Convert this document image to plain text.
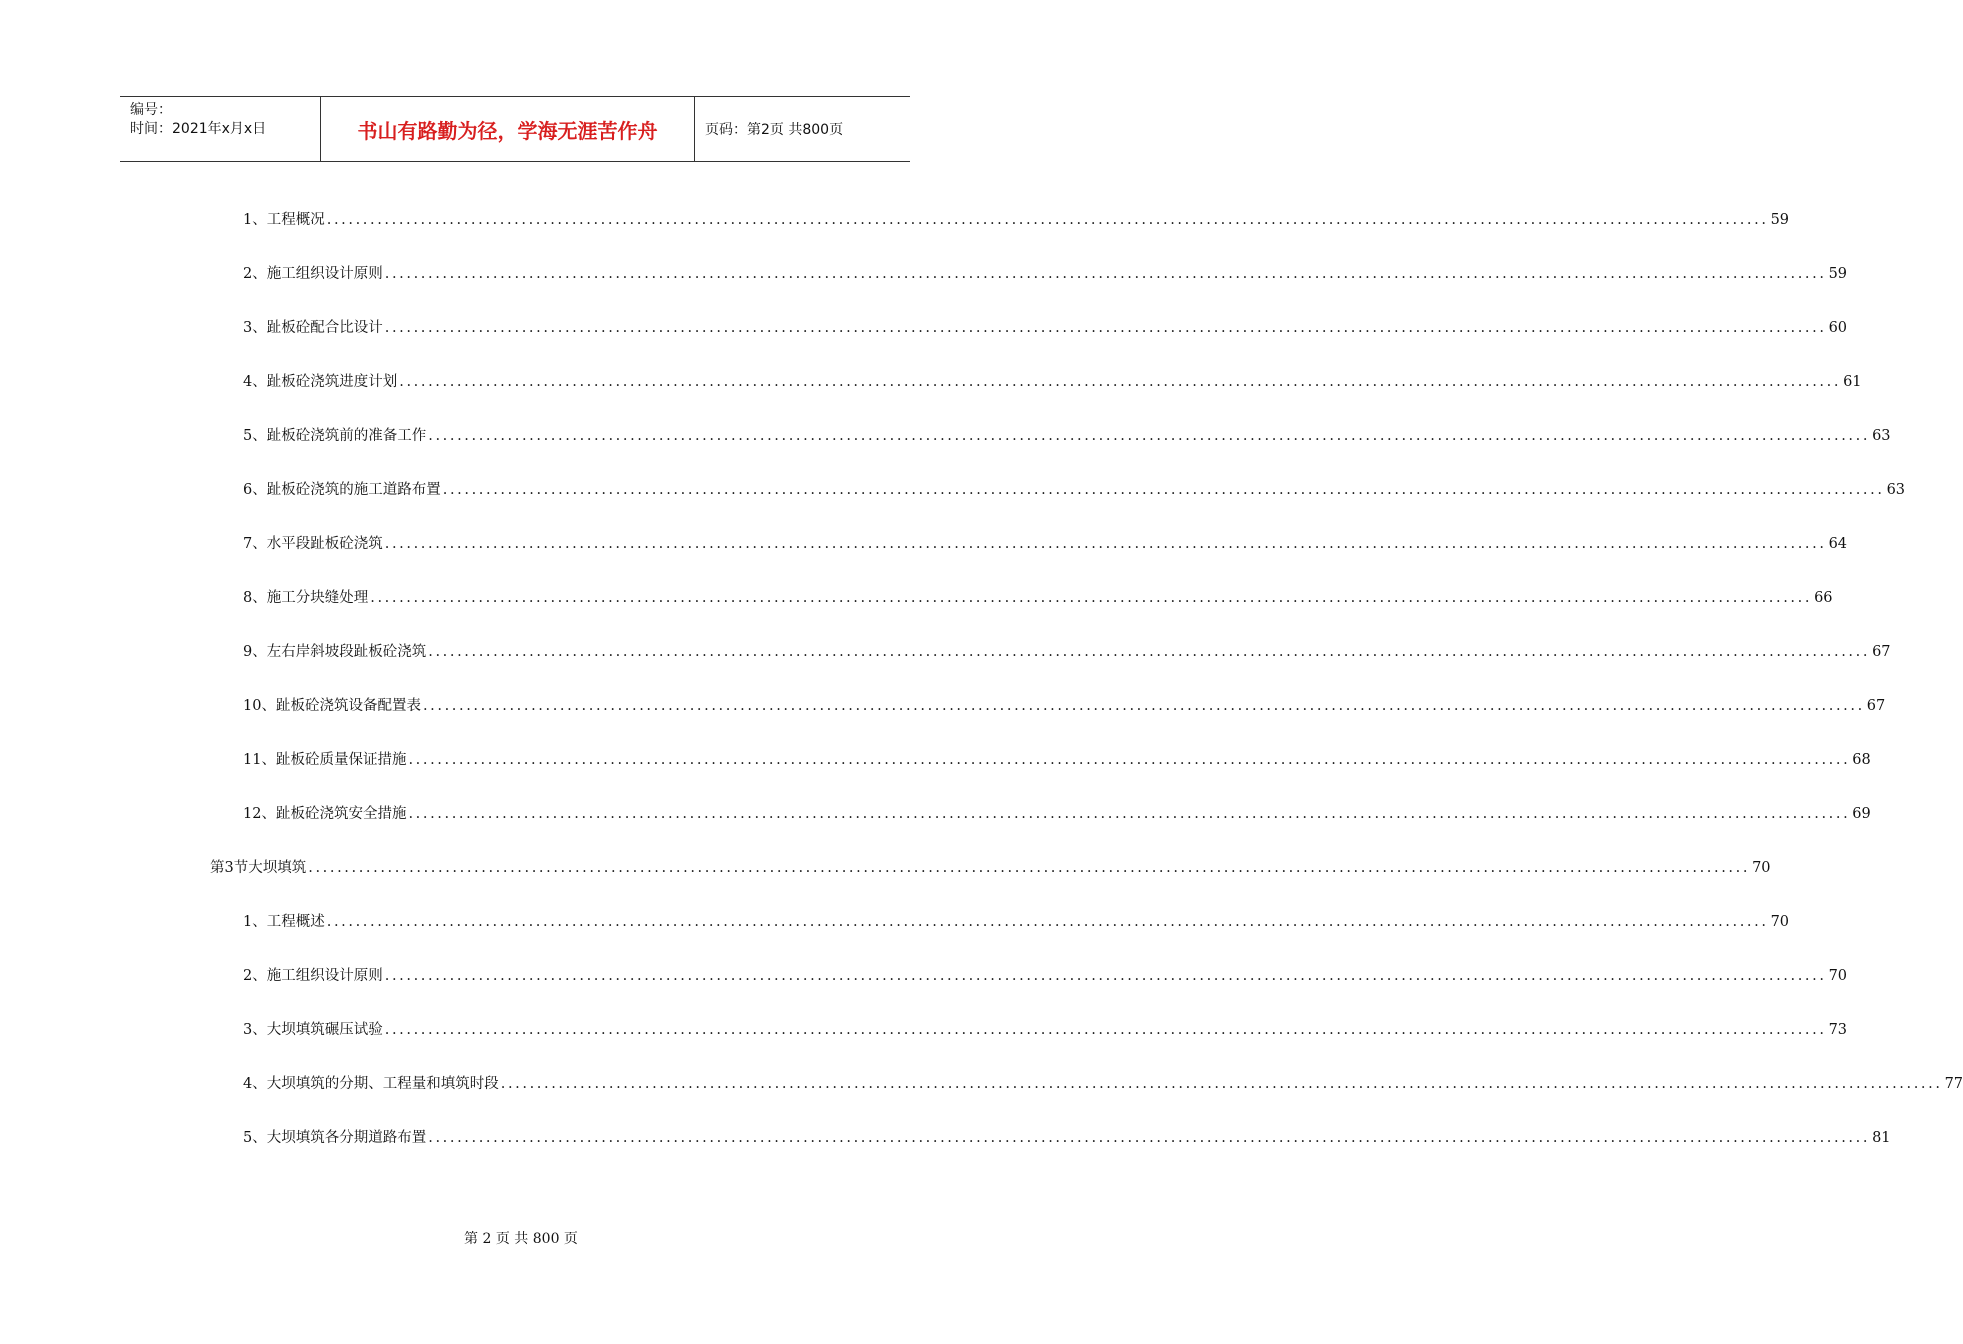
编号：
时间：2021年x月x日	书山有路勤为径，学海无涯苦作舟	页码：第2页 共800页
1、 工程概况 ........................................................................................................................................................................................................ 59
2、 施工组织设计原则 ........................................................................................................................................................................................................ 59
3、 趾板砼配合比设计 ........................................................................................................................................................................................................ 60
4、 趾板砼浇筑进度计划 ........................................................................................................................................................................................................ 61
5、 趾板砼浇筑前的准备工作 ........................................................................................................................................................................................................ 63
6、 趾板砼浇筑的施工道路布置 ........................................................................................................................................................................................................ 63
7、 水平段趾板砼浇筑 ........................................................................................................................................................................................................ 64
8、 施工分块缝处理 ........................................................................................................................................................................................................ 66
9、 左右岸斜坡段趾板砼浇筑 ........................................................................................................................................................................................................ 67
10、 趾板砼浇筑设备配置表 ........................................................................................................................................................................................................ 67
11、 趾板砼质量保证措施 ........................................................................................................................................................................................................ 68
12、 趾板砼浇筑安全措施 ........................................................................................................................................................................................................ 69
第3节 大坝填筑 ........................................................................................................................................................................................................ 70
1、 工程概述 ........................................................................................................................................................................................................ 70
2、 施工组织设计原则 ........................................................................................................................................................................................................ 70
3、 大坝填筑碾压试验 ........................................................................................................................................................................................................ 73
4、 大坝填筑的分期、工程量和填筑时段 ........................................................................................................................................................................................................ 77
5、 大坝填筑各分期道路布置 ........................................................................................................................................................................................................ 81
第 2 页 共 800 页
